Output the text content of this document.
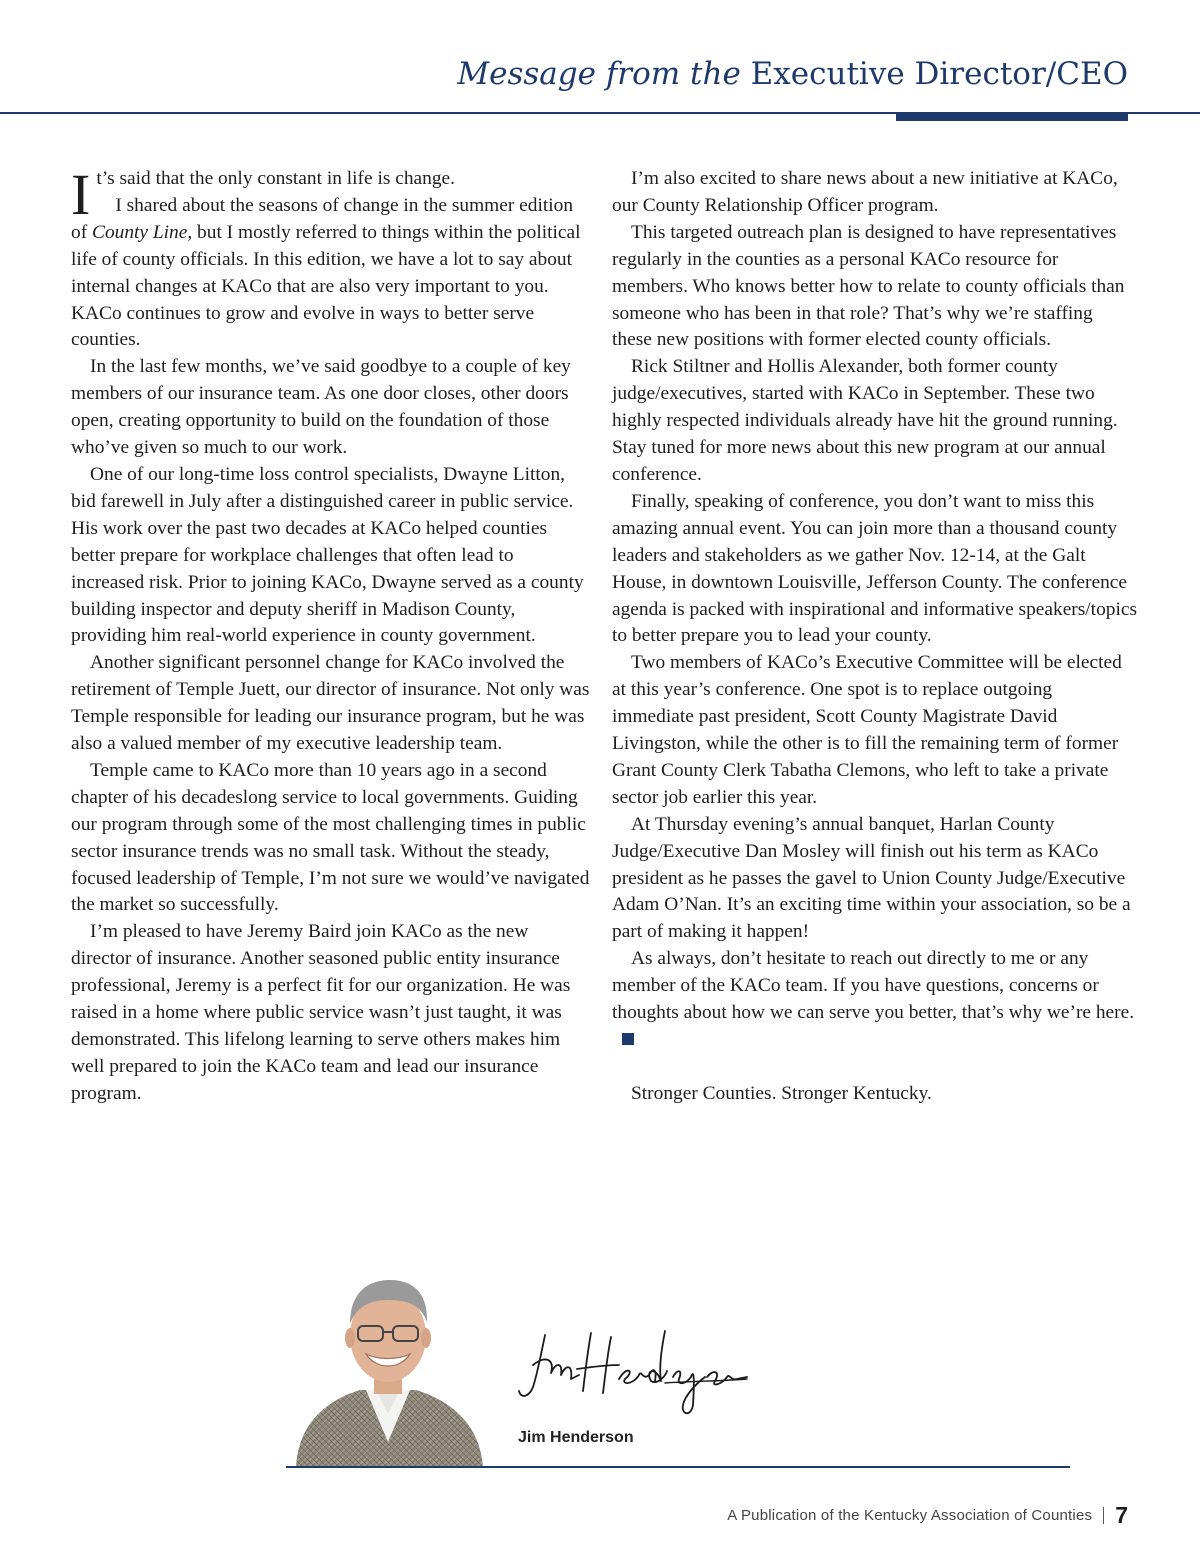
Message from the Executive Director/CEO

It’s said that the only constant in life is change.

I shared about the seasons of change in the summer edition of County Line, but I mostly referred to things within the political life of county officials. In this edition, we have a lot to say about internal changes at KACo that are also very important to you. KACo continues to grow and evolve in ways to better serve counties.

In the last few months, we’ve said goodbye to a couple of key members of our insurance team. As one door closes, other doors open, creating opportunity to build on the foundation of those who’ve given so much to our work.

One of our long-time loss control specialists, Dwayne Litton, bid farewell in July after a distinguished career in public service. His work over the past two decades at KACo helped counties better prepare for workplace challenges that often lead to increased risk. Prior to joining KACo, Dwayne served as a county building inspector and deputy sheriff in Madison County, providing him real-world experience in county government.

Another significant personnel change for KACo involved the retirement of Temple Juett, our director of insurance. Not only was Temple responsible for leading our insurance program, but he was also a valued member of my executive leadership team.

Temple came to KACo more than 10 years ago in a second chapter of his decadeslong service to local governments. Guiding our program through some of the most challenging times in public sector insurance trends was no small task. Without the steady, focused leadership of Temple, I’m not sure we would’ve navigated the market so successfully.

I’m pleased to have Jeremy Baird join KACo as the new director of insurance. Another seasoned public entity insurance professional, Jeremy is a perfect fit for our organization. He was raised in a home where public service wasn’t just taught, it was demonstrated. This lifelong learning to serve others makes him well prepared to join the KACo team and lead our insurance program.

I’m also excited to share news about a new initiative at KACo, our County Relationship Officer program.

This targeted outreach plan is designed to have representatives regularly in the counties as a personal KACo resource for members. Who knows better how to relate to county officials than someone who has been in that role? That’s why we’re staffing these new positions with former elected county officials.

Rick Stiltner and Hollis Alexander, both former county judge/executives, started with KACo in September. These two highly respected individuals already have hit the ground running. Stay tuned for more news about this new program at our annual conference.

Finally, speaking of conference, you don’t want to miss this amazing annual event. You can join more than a thousand county leaders and stakeholders as we gather Nov. 12-14, at the Galt House, in downtown Louisville, Jefferson County. The conference agenda is packed with inspirational and informative speakers/topics to better prepare you to lead your county.

Two members of KACo’s Executive Committee will be elected at this year’s conference. One spot is to replace outgoing immediate past president, Scott County Magistrate David Livingston, while the other is to fill the remaining term of former Grant County Clerk Tabatha Clemons, who left to take a private sector job earlier this year.

At Thursday evening’s annual banquet, Harlan County Judge/Executive Dan Mosley will finish out his term as KACo president as he passes the gavel to Union County Judge/Executive Adam O’Nan. It’s an exciting time within your association, so be a part of making it happen!

As always, don’t hesitate to reach out directly to me or any member of the KACo team. If you have questions, concerns or thoughts about how we can serve you better, that’s why we’re here.

Stronger Counties. Stronger Kentucky.

Jim Henderson
A Publication of the Kentucky Association of Counties 7
